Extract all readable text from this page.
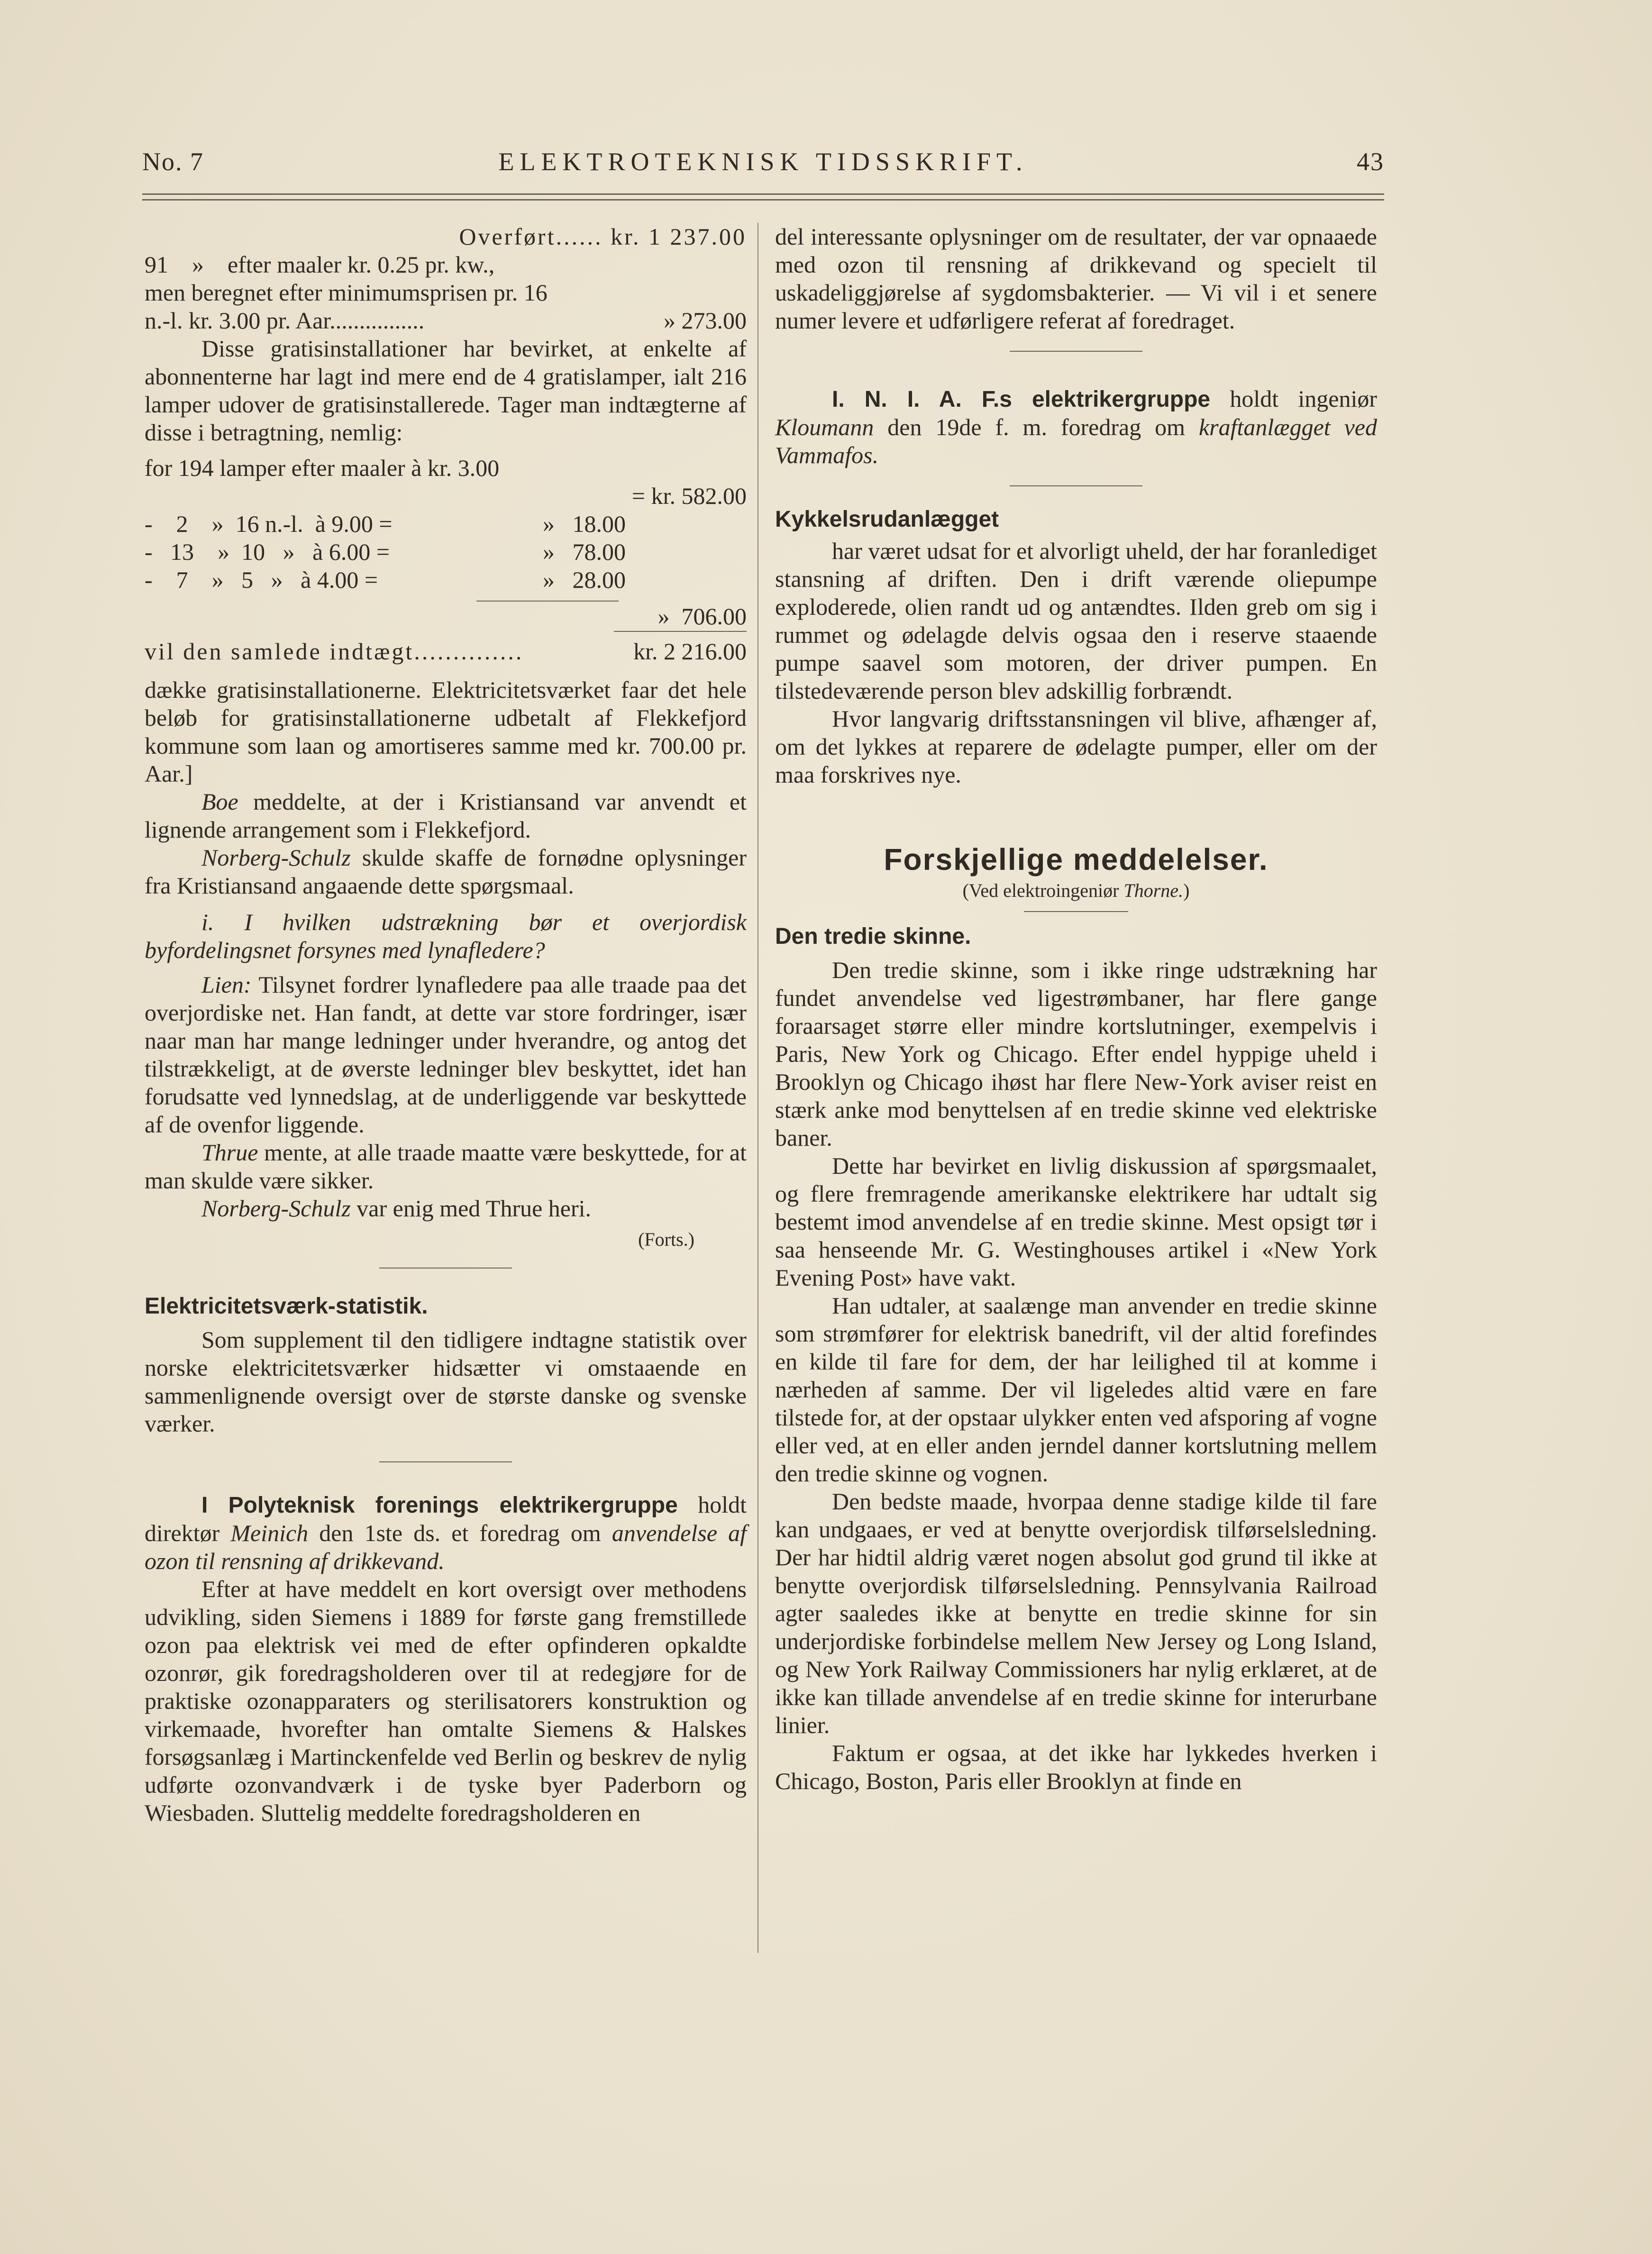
No. 7	ELEKTROTEKNISK TIDSSKRIFT.	43
Overført...... kr. 1 237.00

91    »    efter maaler kr. 0.25 pr. kw.,

men beregnet efter minimumsprisen pr. 16

n.-l. kr. 3.00 pr. Aar................	» 273.00

Disse gratisinstallationer har bevirket, at enkelte af abonnenterne har lagt ind mere end de 4 gratislamper, ialt 216 lamper udover de gratisinstallerede. Tager man indtægterne af disse i betragtning, nemlig:

for 194 lamper efter maaler à kr. 3.00

= kr. 582.00
-    2    »  16 n.-l.  à 9.00 =	»   18.00
-   13    »  10   »   à 6.00 =	»   78.00
-    7    »   5   »   à 4.00 =	»   28.00
»  706.00
vil den samlede indtægt..............	kr. 2 216.00

dække gratisinstallationerne. Elektricitetsværket faar det hele beløb for gratisinstallationerne udbetalt af Flekkefjord kommune som laan og amortiseres samme med kr. 700.00 pr. Aar.]

Boe meddelte, at der i Kristiansand var anvendt et lignende arrangement som i Flekkefjord.

Norberg-Schulz skulde skaffe de fornødne oplysninger fra Kristiansand angaaende dette spørgsmaal.

i. I hvilken udstrækning bør et overjordisk byfordelingsnet forsynes med lynafledere?

Lien: Tilsynet fordrer lynafledere paa alle traade paa det overjordiske net. Han fandt, at dette var store fordringer, især naar man har mange ledninger under hverandre, og antog det tilstrækkeligt, at de øverste ledninger blev beskyttet, idet han forudsatte ved lynnedslag, at de underliggende var beskyttede af de ovenfor liggende.

Thrue mente, at alle traade maatte være beskyttede, for at man skulde være sikker.

Norberg-Schulz var enig med Thrue heri.

(Forts.)

Elektricitetsværk-statistik.

Som supplement til den tidligere indtagne statistik over norske elektricitetsværker hidsætter vi omstaaende en sammenlignende oversigt over de største danske og svenske værker.

I Polyteknisk forenings elektrikergruppe holdt direktør Meinich den 1ste ds. et foredrag om anvendelse af ozon til rensning af drikkevand.

Efter at have meddelt en kort oversigt over methodens udvikling, siden Siemens i 1889 for første gang fremstillede ozon paa elektrisk vei med de efter opfinderen opkaldte ozonrør, gik foredragsholderen over til at redegjøre for de praktiske ozonapparaters og sterilisatorers konstruktion og virkemaade, hvorefter han omtalte Siemens & Halskes forsøgsanlæg i Martinckenfelde ved Berlin og beskrev de nylig udførte ozonvandværk i de tyske byer Paderborn og Wiesbaden. Sluttelig meddelte foredragsholderen en

del interessante oplysninger om de resultater, der var opnaaede med ozon til rensning af drikkevand og specielt til uskadeliggjørelse af sygdomsbakterier. — Vi vil i et senere numer levere et udførligere referat af foredraget.

I. N. I. A. F.s elektrikergruppe holdt ingeniør Kloumann den 19de f. m. foredrag om kraftanlægget ved Vammafos.

Kykkelsrudanlægget

har været udsat for et alvorligt uheld, der har foranlediget stansning af driften. Den i drift værende oliepumpe exploderede, olien randt ud og antændtes. Ilden greb om sig i rummet og ødelagde delvis ogsaa den i reserve staaende pumpe saavel som motoren, der driver pumpen. En tilstedeværende person blev adskillig forbrændt.

Hvor langvarig driftsstansningen vil blive, afhænger af, om det lykkes at reparere de ødelagte pumper, eller om der maa forskrives nye.

Forskjellige meddelelser.

(Ved elektroingeniør Thorne.)

Den tredie skinne.

Den tredie skinne, som i ikke ringe udstrækning har fundet anvendelse ved ligestrømbaner, har flere gange foraarsaget større eller mindre kortslutninger, exempelvis i Paris, New York og Chicago. Efter endel hyppige uheld i Brooklyn og Chicago ihøst har flere New-York aviser reist en stærk anke mod benyttelsen af en tredie skinne ved elektriske baner.

Dette har bevirket en livlig diskussion af spørgsmaalet, og flere fremragende amerikanske elektrikere har udtalt sig bestemt imod anvendelse af en tredie skinne. Mest opsigt tør i saa henseende Mr. G. Westinghouses artikel i «New York Evening Post» have vakt.

Han udtaler, at saalænge man anvender en tredie skinne som strømfører for elektrisk banedrift, vil der altid forefindes en kilde til fare for dem, der har leilighed til at komme i nærheden af samme. Der vil ligeledes altid være en fare tilstede for, at der opstaar ulykker enten ved afsporing af vogne eller ved, at en eller anden jerndel danner kortslutning mellem den tredie skinne og vognen.

Den bedste maade, hvorpaa denne stadige kilde til fare kan undgaaes, er ved at benytte overjordisk tilførselsledning. Der har hidtil aldrig været nogen absolut god grund til ikke at benytte overjordisk tilførselsledning. Pennsylvania Railroad agter saaledes ikke at benytte en tredie skinne for sin underjordiske forbindelse mellem New Jersey og Long Island, og New York Railway Commissioners har nylig erklæret, at de ikke kan tillade anvendelse af en tredie skinne for interurbane linier.

Faktum er ogsaa, at det ikke har lykkedes hverken i Chicago, Boston, Paris eller Brooklyn at finde en
